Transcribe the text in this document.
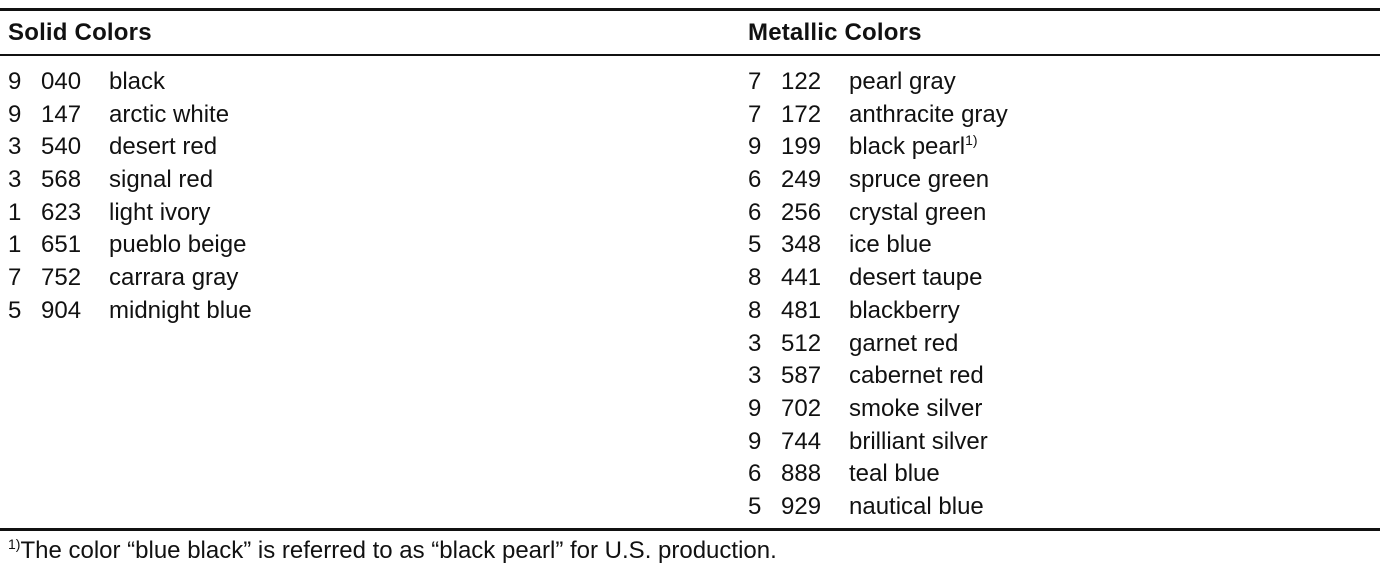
Solid Colors	Metallic Colors
9 040 black
9 147 arctic white
3 540 desert red
3 568 signal red
1 623 light ivory
1 651 pueblo beige
7 752 carrara gray
5 904 midnight blue
7 122 pearl gray
7 172 anthracite gray
9 199 black pearl$^{1)}$
6 249 spruce green
6 256 crystal green
5 348 ice blue
8 441 desert taupe
8 481 blackberry
3 512 garnet red
3 587 cabernet red
9 702 smoke silver
9 744 brilliant silver
6 888 teal blue
5 929 nautical blue
$^{1)}$The color “blue black” is referred to as “black pearl” for U.S. production.
